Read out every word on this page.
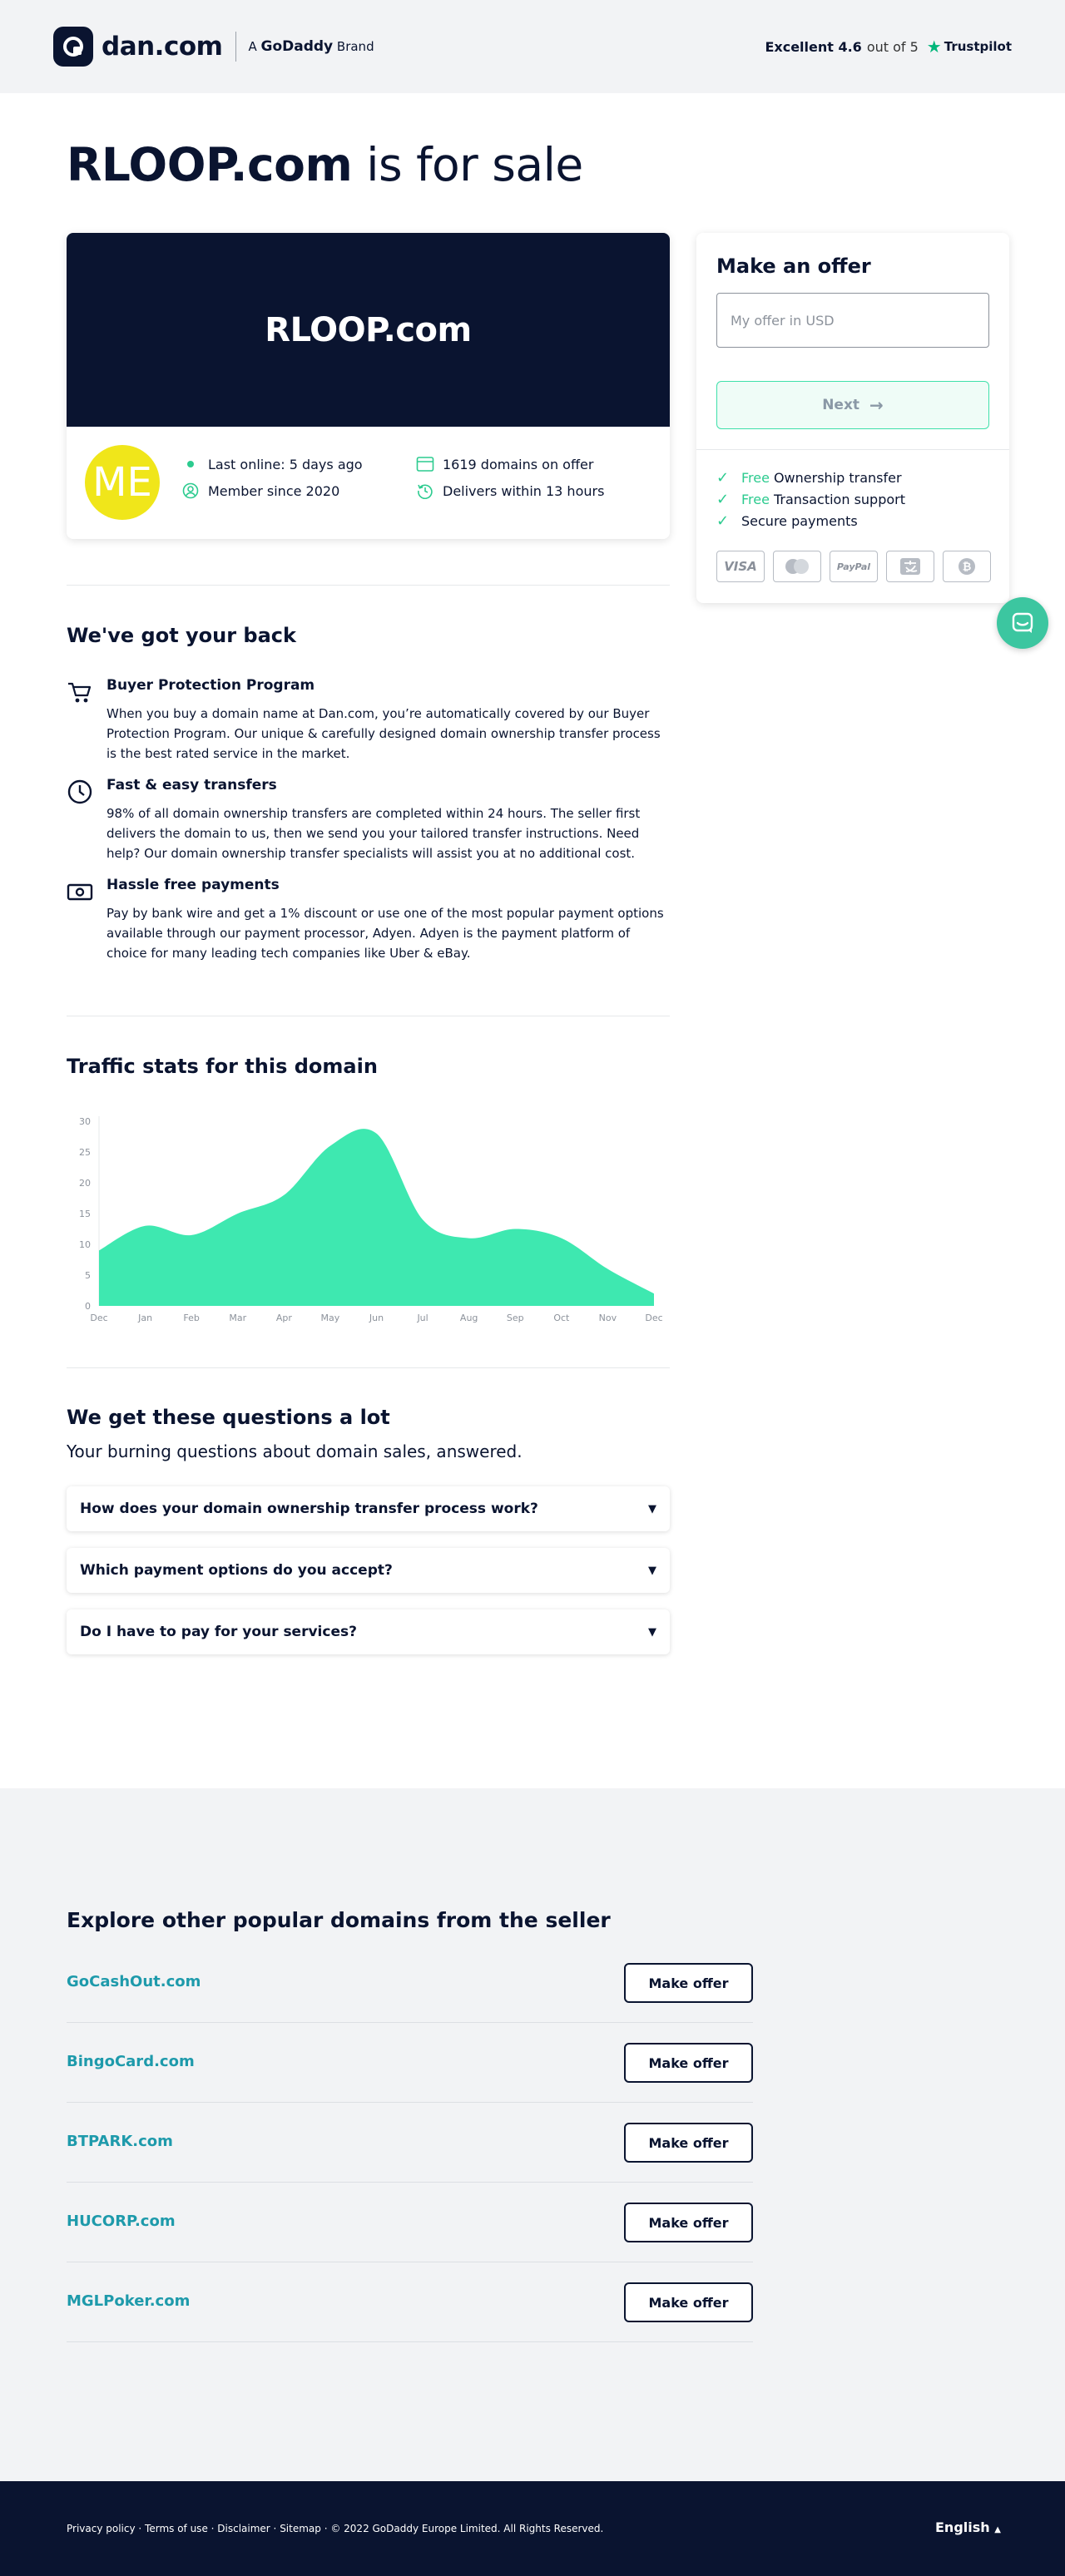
dan.com A GoDaddy Brand	Excellent 4.6 out of 5 ★ Trustpilot
RLOOP.com is for sale
RLOOP.com
ME	Last online: 5 days ago
Member since 2020
1619 domains on offer
Delivers within 13 hours
Make an offer
My offer in USD
Next →
✓ Free Ownership transfer
✓ Free Transaction support
✓ Secure payments
VISA	PayPal	₿
We've got your back
Buyer Protection Program

When you buy a domain name at Dan.com, you’re automatically covered by our Buyer Protection Program. Our unique & carefully designed domain ownership transfer process is the best rated service in the market.

Fast & easy transfers

98% of all domain ownership transfers are completed within 24 hours. The seller first delivers the domain to us, then we send you your tailored transfer instructions. Need help? Our domain ownership transfer specialists will assist you at no additional cost.

Hassle free payments

Pay by bank wire and get a 1% discount or use one of the most popular payment options available through our payment processor, Adyen. Adyen is the payment platform of choice for many leading tech companies like Uber & eBay.

Traffic stats for this domain
0
5
10
15
20
25
30
Dec	Jan	Feb	Mar	Apr	May	Jun	Jul	Aug	Sep	Oct	Nov	Dec
We get these questions a lot

Your burning questions about domain sales, answered.

How does your domain ownership transfer process work?	▼
Which payment options do you accept?	▼
Do I have to pay for your services?	▼
Explore other popular domains from the seller
GoCashOut.com	Make offer
BingoCard.com	Make offer
BTPARK.com	Make offer
HUCORP.com	Make offer
MGLPoker.com	Make offer
Privacy policy · Terms of use · Disclaimer · Sitemap · © 2022 GoDaddy Europe Limited. All Rights Reserved.	English ▲
